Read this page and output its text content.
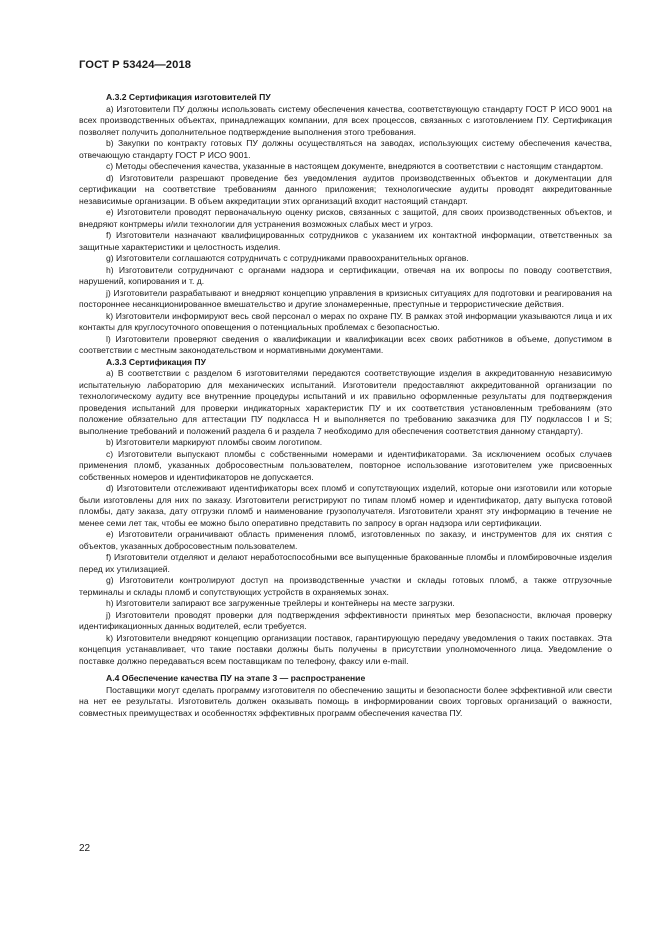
ГОСТ Р 53424—2018

А.3.2 Сертификация изготовителей ПУ

а) Изготовители ПУ должны использовать систему обеспечения качества, соответствующую стандарту ГОСТ Р ИСО 9001 на всех производственных объектах, принадлежащих компании, для всех процессов, связанных с изготовлением ПУ. Сертификация позволяет получить дополнительное подтверждение выполнения этого требования.

b) Закупки по контракту готовых ПУ должны осуществляться на заводах, использующих систему обеспечения качества, отвечающую стандарту ГОСТ Р ИСО 9001.

c) Методы обеспечения качества, указанные в настоящем документе, внедряются в соответствии с настоящим стандартом.

d) Изготовители разрешают проведение без уведомления аудитов производственных объектов и документации для сертификации на соответствие требованиям данного приложения; технологические аудиты проводят аккредитованные независимые организации. В объем аккредитации этих организаций входит настоящий стандарт.

e) Изготовители проводят первоначальную оценку рисков, связанных с защитой, для своих производственных объектов, и внедряют контрмеры и/или технологии для устранения возможных слабых мест и угроз.

f) Изготовители назначают квалифицированных сотрудников с указанием их контактной информации, ответственных за защитные характеристики и целостность изделия.

g) Изготовители соглашаются сотрудничать с сотрудниками правоохранительных органов.

h) Изготовители сотрудничают с органами надзора и сертификации, отвечая на их вопросы по поводу соответствия, нарушений, копирования и т. д.

j) Изготовители разрабатывают и внедряют концепцию управления в кризисных ситуациях для подготовки и реагирования на постороннее несанкционированное вмешательство и другие злонамеренные, преступные и террористические действия.

k) Изготовители информируют весь свой персонал о мерах по охране ПУ. В рамках этой информации указываются лица и их контакты для круглосуточного оповещения о потенциальных проблемах с безопасностью.

l) Изготовители проверяют сведения о квалификации и квалификации всех своих работников в объеме, допустимом в соответствии с местным законодательством и нормативными документами.

А.3.3 Сертификация ПУ

а) В соответствии с разделом 6 изготовителями передаются соответствующие изделия в аккредитованную независимую испытательную лабораторию для механических испытаний. Изготовители предоставляют аккредитованной организации по технологическому аудиту все внутренние процедуры испытаний и их правильно оформленные результаты для подтверждения проведения испытаний для проверки индикаторных характеристик ПУ и их соответствия установленным требованиям (это положение обязательно для аттестации ПУ подкласса Н и выполняется по требованию заказчика для ПУ подклассов I и S; выполнение требований и положений раздела 6 и раздела 7 необходимо для обеспечения соответствия данному стандарту).

b) Изготовители маркируют пломбы своим логотипом.

c) Изготовители выпускают пломбы с собственными номерами и идентификаторами. За исключением особых случаев применения пломб, указанных добросовестным пользователем, повторное использование изготовителем уже присвоенных собственных номеров и идентификаторов не допускается.

d) Изготовители отслеживают идентификаторы всех пломб и сопутствующих изделий, которые они изготовили или которые были изготовлены для них по заказу. Изготовители регистрируют по типам пломб номер и идентификатор, дату выпуска готовой пломбы, дату заказа, дату отгрузки пломб и наименование грузополучателя. Изготовители хранят эту информацию в течение не менее семи лет так, чтобы ее можно было оперативно представить по запросу в орган надзора или сертификации.

e) Изготовители ограничивают область применения пломб, изготовленных по заказу, и инструментов для их снятия с объектов, указанных добросовестным пользователем.

f) Изготовители отделяют и делают неработоспособными все выпущенные бракованные пломбы и пломбировочные изделия перед их утилизацией.

g) Изготовители контролируют доступ на производственные участки и склады готовых пломб, а также отгрузочные терминалы и склады пломб и сопутствующих устройств в охраняемых зонах.

h) Изготовители запирают все загруженные трейлеры и контейнеры на месте загрузки.

j) Изготовители проводят проверки для подтверждения эффективности принятых мер безопасности, включая проверку идентификационных данных водителей, если требуется.

k) Изготовители внедряют концепцию организации поставок, гарантирующую передачу уведомления о таких поставках. Эта концепция устанавливает, что такие поставки должны быть получены в присутствии уполномоченного лица. Уведомление о поставке должно передаваться всем поставщикам по телефону, факсу или e-mail.

А.4 Обеспечение качества ПУ на этапе 3 — распространение

Поставщики могут сделать программу изготовителя по обеспечению защиты и безопасности более эффективной или свести на нет ее результаты. Изготовитель должен оказывать помощь в информировании своих торговых организаций о важности, совместных преимуществах и особенностях эффективных программ обеспечения качества ПУ.

22
